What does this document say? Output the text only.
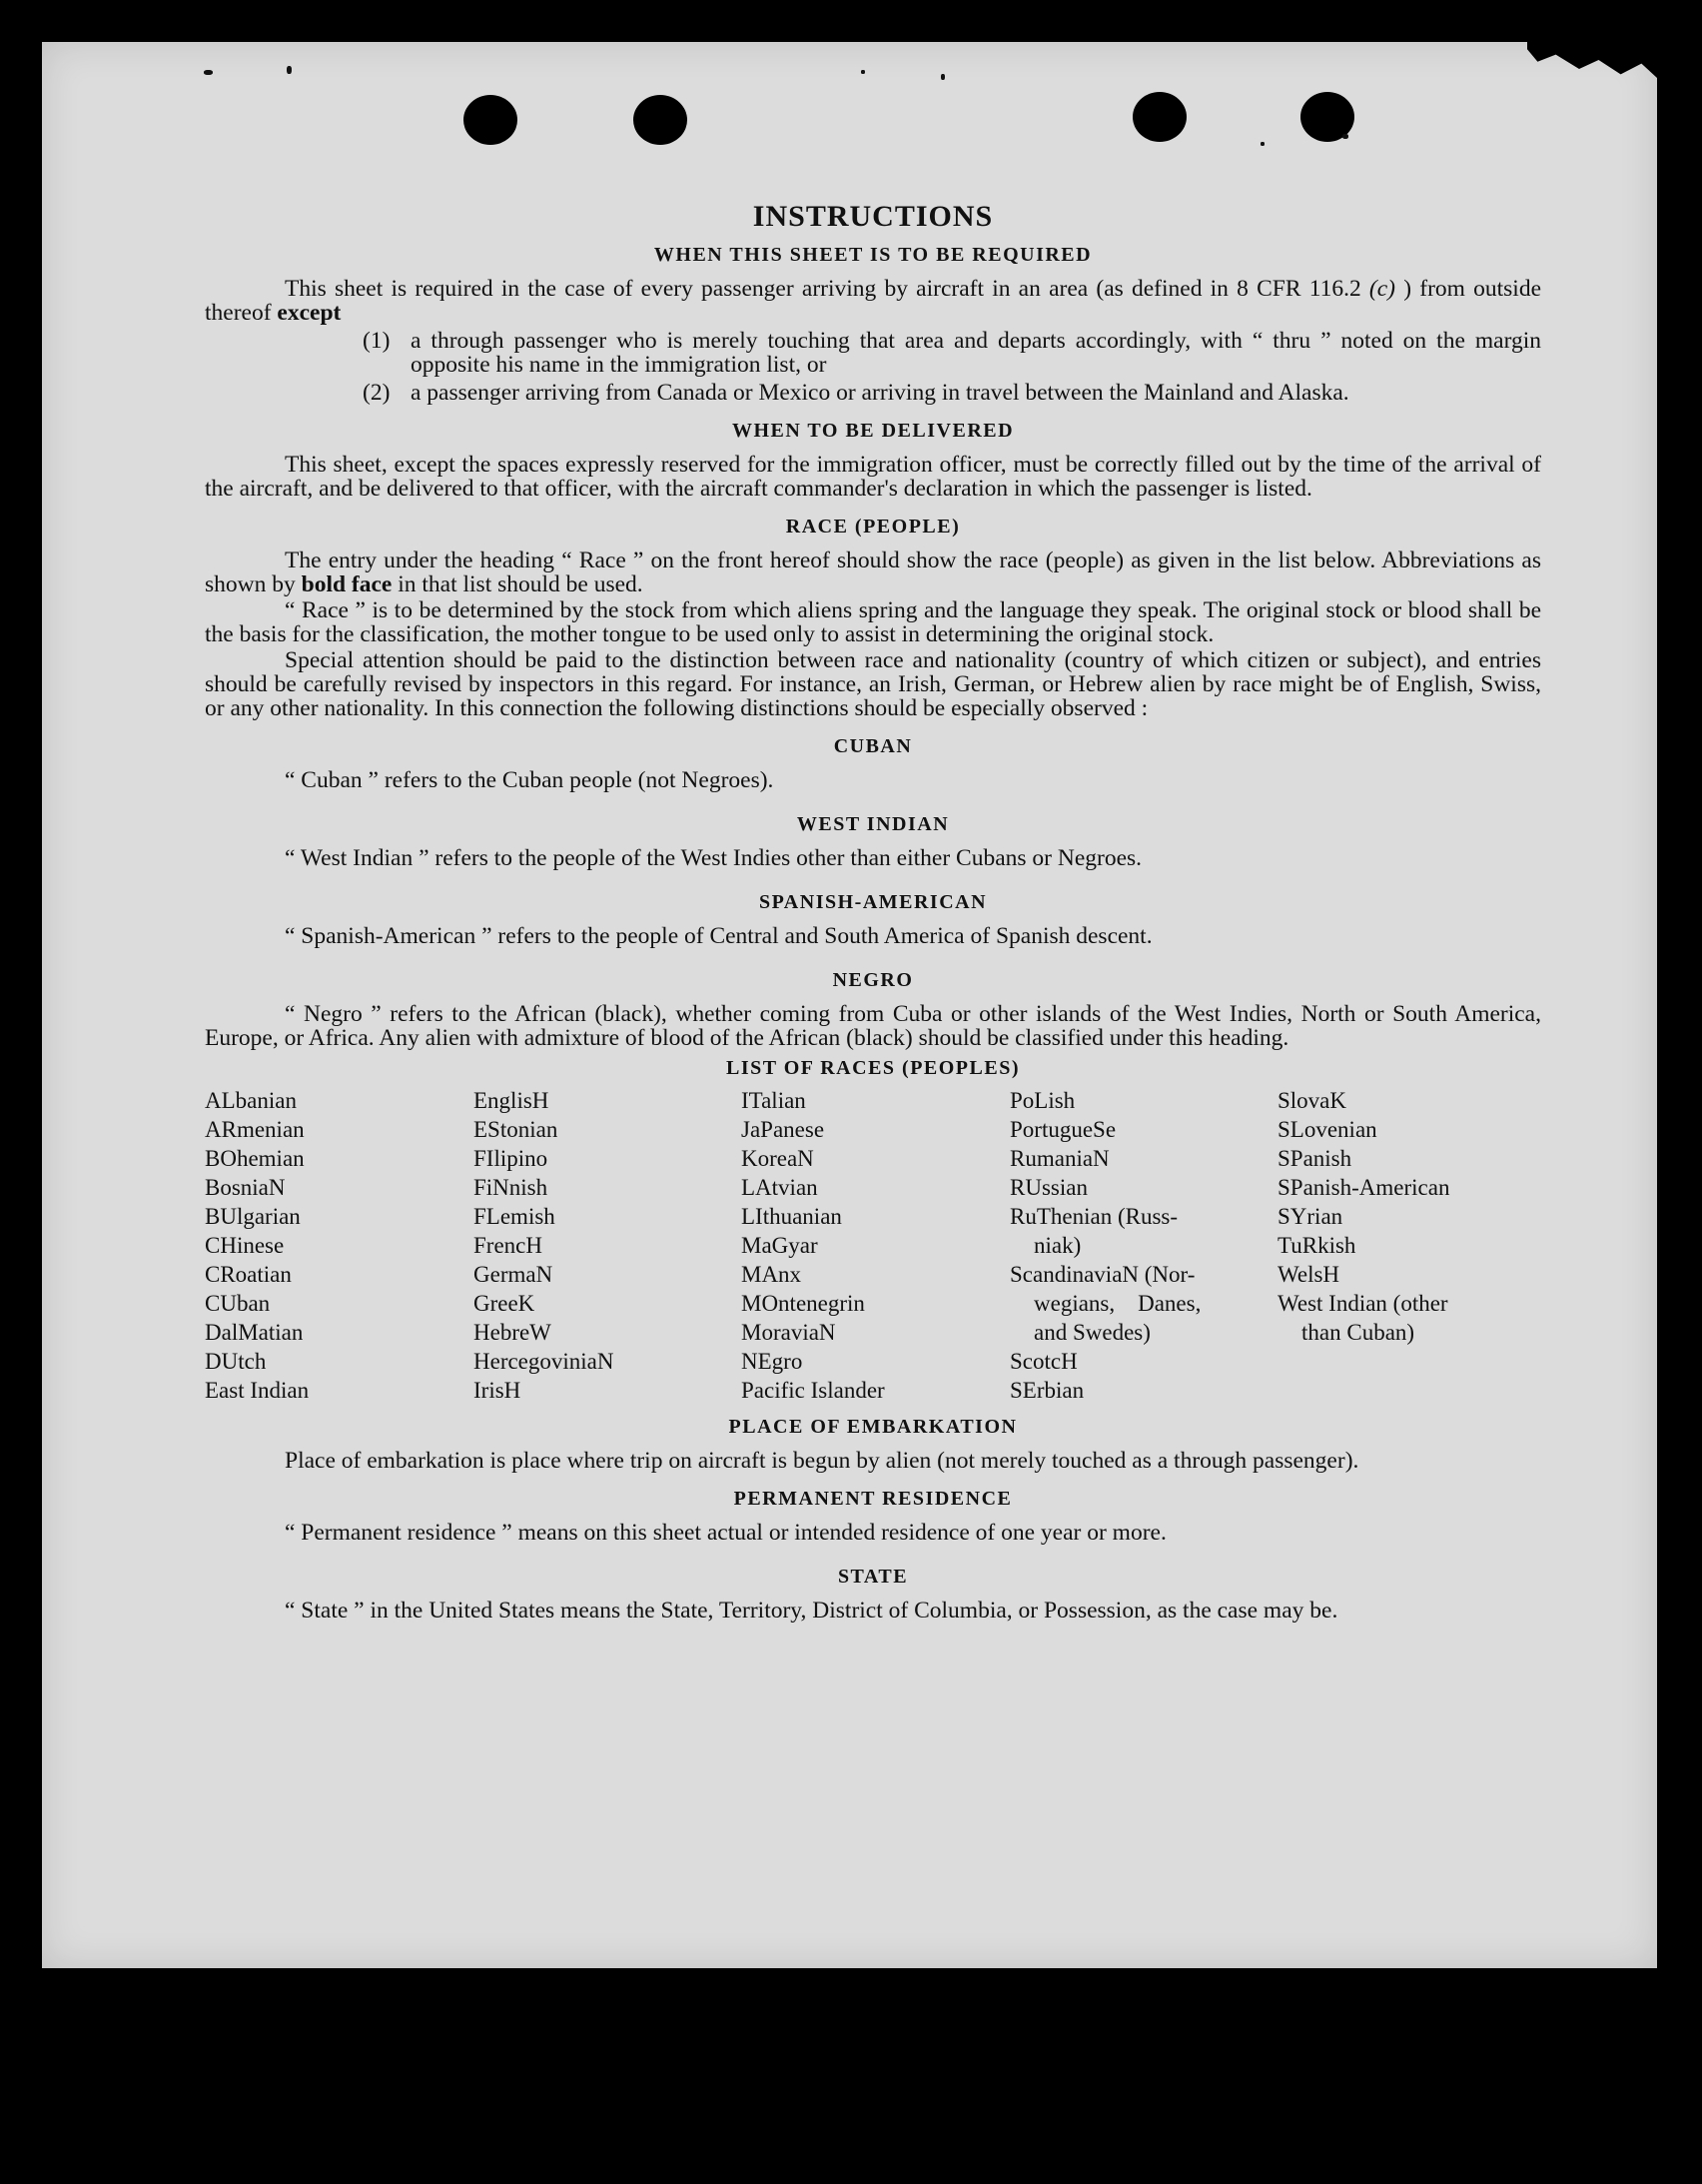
INSTRUCTIONS
WHEN THIS SHEET IS TO BE REQUIRED

This sheet is required in the case of every passenger arriving by aircraft in an area (as defined in 8 CFR 116.2 (c) ) from outside thereof except

(1) a through passenger who is merely touching that area and departs accordingly, with “ thru ” noted on the margin opposite his name in the immigration list, or
(2) a passenger arriving from Canada or Mexico or arriving in travel between the Mainland and Alaska.
WHEN TO BE DELIVERED

This sheet, except the spaces expressly reserved for the immigration officer, must be correctly filled out by the time of the arrival of the aircraft, and be delivered to that officer, with the aircraft commander's declaration in which the passenger is listed.

RACE (PEOPLE)

The entry under the heading “ Race ” on the front hereof should show the race (people) as given in the list below. Abbreviations as shown by bold face in that list should be used.

“ Race ” is to be determined by the stock from which aliens spring and the language they speak. The original stock or blood shall be the basis for the classification, the mother tongue to be used only to assist in determining the original stock.

Special attention should be paid to the distinction between race and nationality (country of which citizen or subject), and entries should be carefully revised by inspectors in this regard. For instance, an Irish, German, or Hebrew alien by race might be of English, Swiss, or any other nationality. In this connection the following distinctions should be especially observed :

CUBAN

“ Cuban ” refers to the Cuban people (not Negroes).

WEST INDIAN

“ West Indian ” refers to the people of the West Indies other than either Cubans or Negroes.

SPANISH-AMERICAN

“ Spanish-American ” refers to the people of Central and South America of Spanish descent.

NEGRO

“ Negro ” refers to the African (black), whether coming from Cuba or other islands of the West Indies, North or South America, Europe, or Africa. Any alien with admixture of blood of the African (black) should be classified under this heading.

LIST OF RACES (PEOPLES)
ALbanian
ARmenian
BOhemian
BosniaN
BUlgarian
CHinese
CRoatian
CUban
DalMatian
DUtch
East Indian
EnglisH
EStonian
FIlipino
FiNnish
FLemish
FrencH
GermaN
GreeK
HebreW
HercegoviniaN
IrisH
ITalian
JaPanese
KoreaN
LAtvian
LIthuanian
MaGyar
MAnx
MOntenegrin
MoraviaN
NEgro
Pacific Islander
PoLish
PortugueSe
RumaniaN
RUssian
RuThenian (Russ-
niak)
ScandinaviaN (Nor-
wegians,    Danes,
and Swedes)
ScotcH
SErbian
SlovaK
SLovenian
SPanish
SPanish-American
SYrian
TuRkish
WelsH
West Indian (other
than Cuban)
PLACE OF EMBARKATION

Place of embarkation is place where trip on aircraft is begun by alien (not merely touched as a through passenger).

PERMANENT RESIDENCE

“ Permanent residence ” means on this sheet actual or intended residence of one year or more.

STATE

“ State ” in the United States means the State, Territory, District of Columbia, or Possession, as the case may be.
